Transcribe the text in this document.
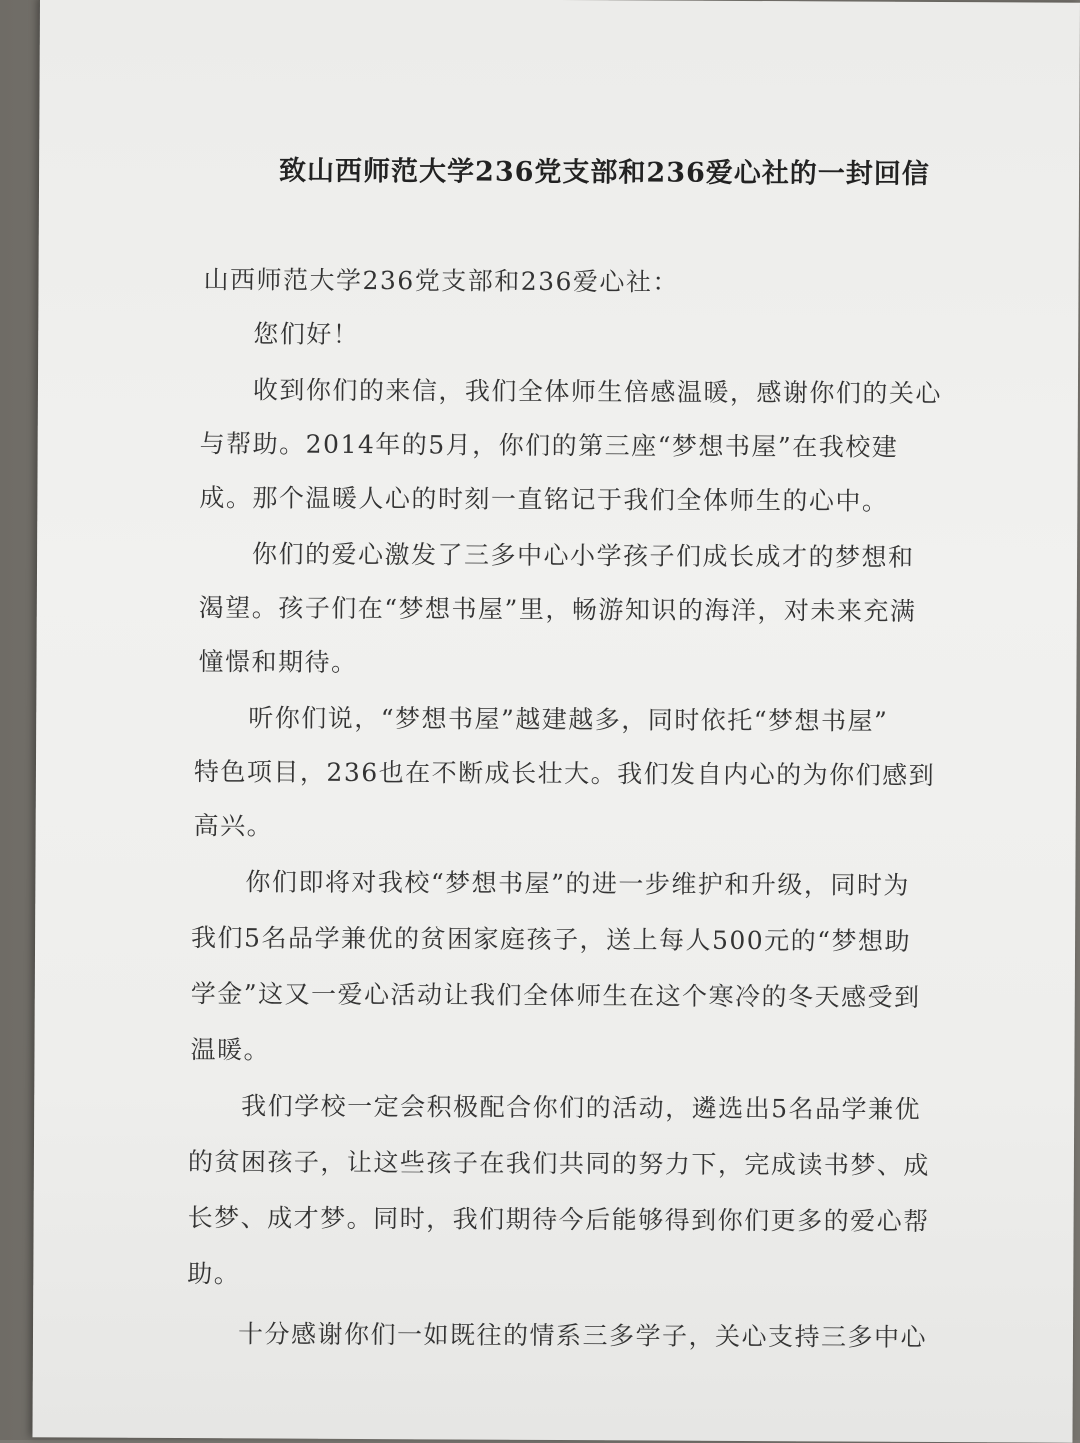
致山西师范大学236党支部和236爱心社的一封回信
山西师范大学236党支部和236爱心社：
您们好！
收到你们的来信，我们全体师生倍感温暖，感谢你们的关心
与帮助。2014年的5月，你们的第三座“梦想书屋”在我校建
成。那个温暖人心的时刻一直铭记于我们全体师生的心中。
你们的爱心激发了三多中心小学孩子们成长成才的梦想和
渴望。孩子们在“梦想书屋”里，畅游知识的海洋，对未来充满
憧憬和期待。
听你们说，“梦想书屋”越建越多，同时依托“梦想书屋”
特色项目，236也在不断成长壮大。我们发自内心的为你们感到
高兴。
你们即将对我校“梦想书屋”的进一步维护和升级，同时为
我们5名品学兼优的贫困家庭孩子，送上每人500元的“梦想助
学金”这又一爱心活动让我们全体师生在这个寒冷的冬天感受到
温暖。
我们学校一定会积极配合你们的活动，遴选出5名品学兼优
的贫困孩子，让这些孩子在我们共同的努力下，完成读书梦、成
长梦、成才梦。同时，我们期待今后能够得到你们更多的爱心帮
助。
十分感谢你们一如既往的情系三多学子，关心支持三多中心
